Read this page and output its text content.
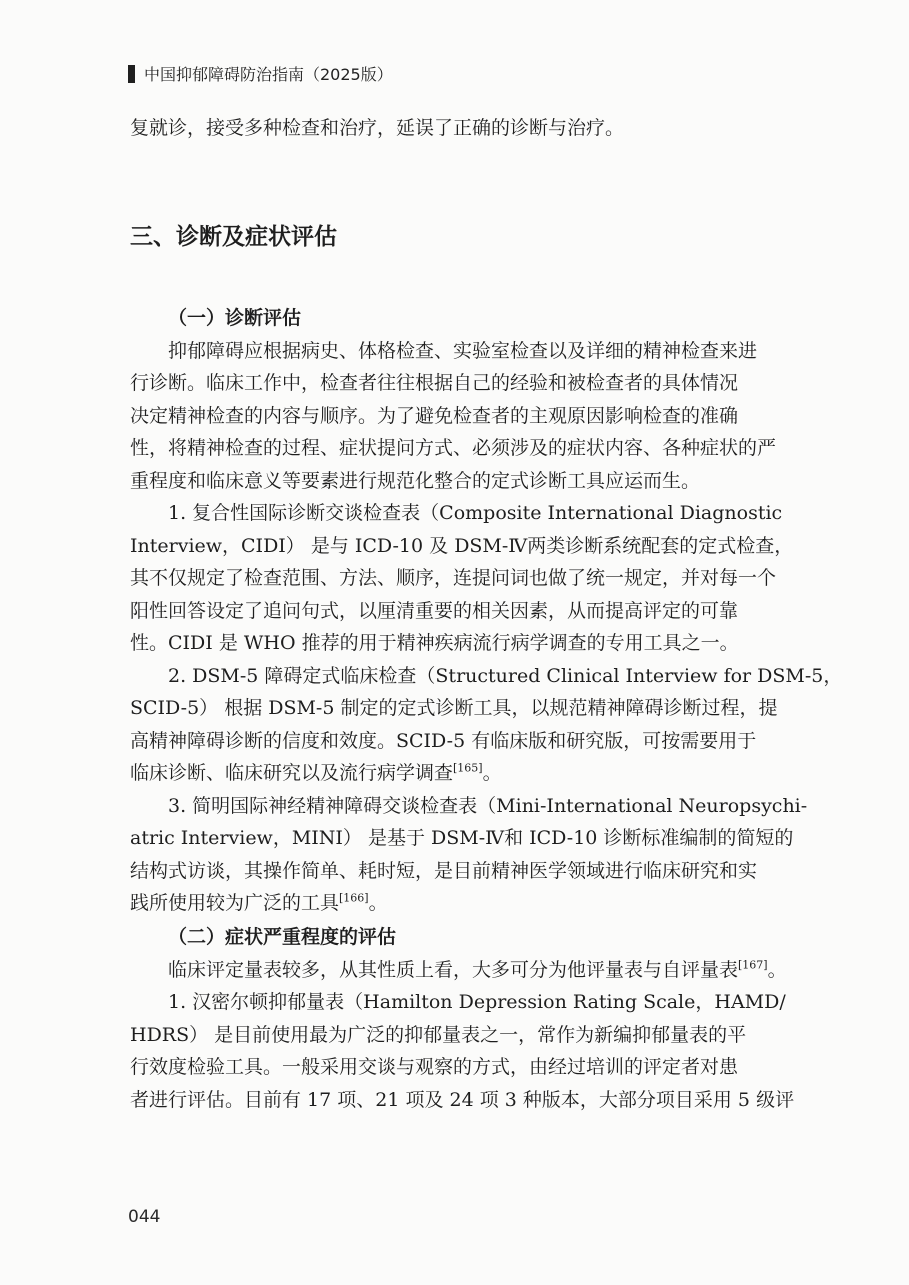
中国抑郁障碍防治指南（2025版）
复就诊，接受多种检查和治疗，延误了正确的诊断与治疗。
三、诊断及症状评估
（一）诊断评估
抑郁障碍应根据病史、体格检查、实验室检查以及详细的精神检查来进
行诊断。临床工作中，检查者往往根据自己的经验和被检查者的具体情况
决定精神检查的内容与顺序。为了避免检查者的主观原因影响检查的准确
性，将精神检查的过程、症状提问方式、必须涉及的症状内容、各种症状的严
重程度和临床意义等要素进行规范化整合的定式诊断工具应运而生。
1. 复合性国际诊断交谈检查表（Composite International Diagnostic
Interview，CIDI） 是与 ICD-10 及 DSM-Ⅳ两类诊断系统配套的定式检查，
其不仅规定了检查范围、方法、顺序，连提问词也做了统一规定，并对每一个
阳性回答设定了追问句式，以厘清重要的相关因素，从而提高评定的可靠
性。CIDI 是 WHO 推荐的用于精神疾病流行病学调查的专用工具之一。
2. DSM-5 障碍定式临床检查（Structured Clinical Interview for DSM-5，
SCID-5） 根据 DSM-5 制定的定式诊断工具，以规范精神障碍诊断过程，提
高精神障碍诊断的信度和效度。SCID-5 有临床版和研究版，可按需要用于
临床诊断、临床研究以及流行病学调查[165]。
3. 简明国际神经精神障碍交谈检查表（Mini-International Neuropsychi-
atric Interview，MINI） 是基于 DSM-Ⅳ和 ICD-10 诊断标准编制的简短的
结构式访谈，其操作简单、耗时短，是目前精神医学领域进行临床研究和实
践所使用较为广泛的工具[166]。
（二）症状严重程度的评估
临床评定量表较多，从其性质上看，大多可分为他评量表与自评量表[167]。
1. 汉密尔顿抑郁量表（Hamilton Depression Rating Scale，HAMD/
HDRS） 是目前使用最为广泛的抑郁量表之一，常作为新编抑郁量表的平
行效度检验工具。一般采用交谈与观察的方式，由经过培训的评定者对患
者进行评估。目前有 17 项、21 项及 24 项 3 种版本，大部分项目采用 5 级评
044
